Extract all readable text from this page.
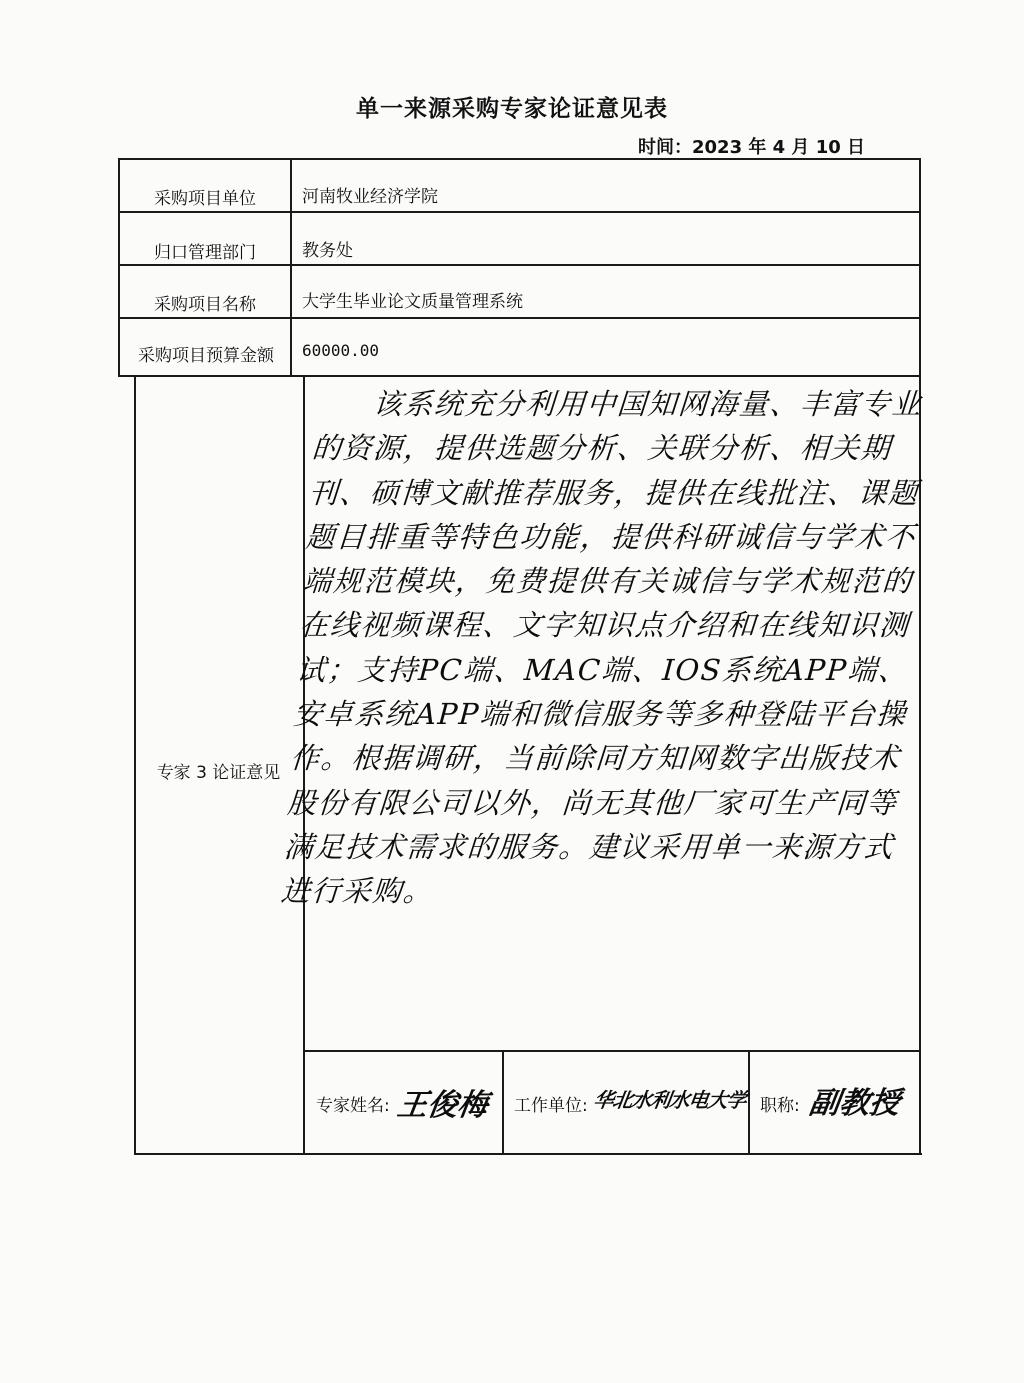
单一来源采购专家论证意见表
时间：2023 年 4 月 10 日
采购项目单位	河南牧业经济学院
归口管理部门	教务处
采购项目名称	大学生毕业论文质量管理系统
采购项目预算金额	60000.00
专家 3 论证意见
该系统充分利用中国知网海量、丰富专业的资源，提供选题分析、关联分析、相关期刊、硕博文献推荐服务，提供在线批注、课题题目排重等特色功能，提供科研诚信与学术不端规范模块，免费提供有关诚信与学术规范的在线视频课程、文字知识点介绍和在线知识测试；支持PC端、MAC端、IOS系统APP端、安卓系统APP端和微信服务等多种登陆平台操作。根据调研，当前除同方知网数字出版技术股份有限公司以外，尚无其他厂家可生产同等满足技术需求的服务。建议采用单一来源方式进行采购。
专家姓名: 王俊梅 工作单位: 华北水利水电大学 职称: 副教授
